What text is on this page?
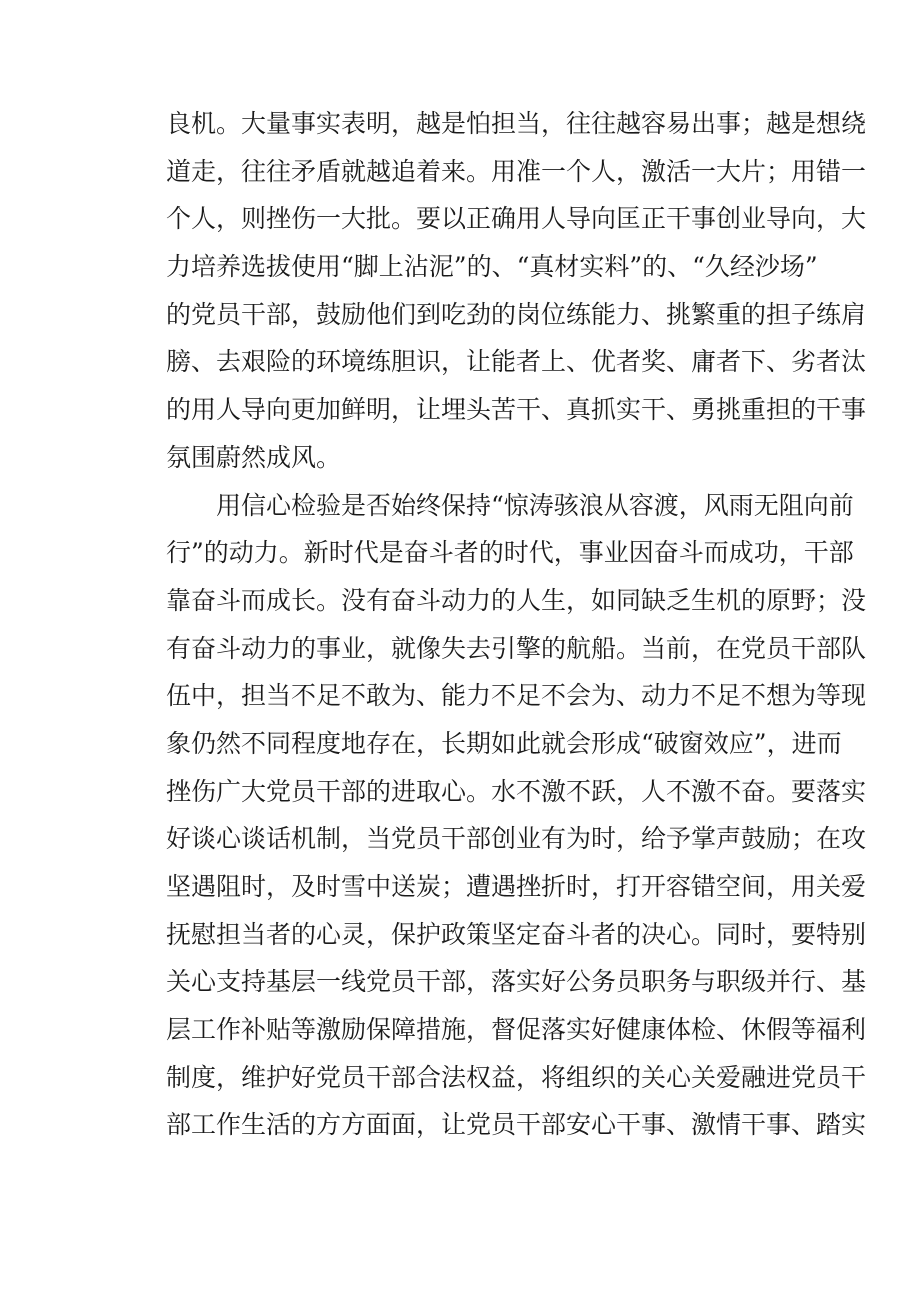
良机。大量事实表明，越是怕担当，往往越容易出事；越是想绕
道走，往往矛盾就越追着来。用准一个人，激活一大片；用错一
个人，则挫伤一大批。要以正确用人导向匡正干事创业导向，大
力培养选拔使用“脚上沾泥”的、“真材实料”的、“久经沙场”
的党员干部，鼓励他们到吃劲的岗位练能力、挑繁重的担子练肩
膀、去艰险的环境练胆识，让能者上、优者奖、庸者下、劣者汰
的用人导向更加鲜明，让埋头苦干、真抓实干、勇挑重担的干事
氛围蔚然成风。
用信心检验是否始终保持“惊涛骇浪从容渡，风雨无阻向前
行”的动力。新时代是奋斗者的时代，事业因奋斗而成功，干部
靠奋斗而成长。没有奋斗动力的人生，如同缺乏生机的原野；没
有奋斗动力的事业，就像失去引擎的航船。当前，在党员干部队
伍中，担当不足不敢为、能力不足不会为、动力不足不想为等现
象仍然不同程度地存在，长期如此就会形成“破窗效应”，进而
挫伤广大党员干部的进取心。水不激不跃，人不激不奋。要落实
好谈心谈话机制，当党员干部创业有为时，给予掌声鼓励；在攻
坚遇阻时，及时雪中送炭；遭遇挫折时，打开容错空间，用关爱
抚慰担当者的心灵，保护政策坚定奋斗者的决心。同时，要特别
关心支持基层一线党员干部，落实好公务员职务与职级并行、基
层工作补贴等激励保障措施，督促落实好健康体检、休假等福利
制度，维护好党员干部合法权益，将组织的关心关爱融进党员干
部工作生活的方方面面，让党员干部安心干事、激情干事、踏实
